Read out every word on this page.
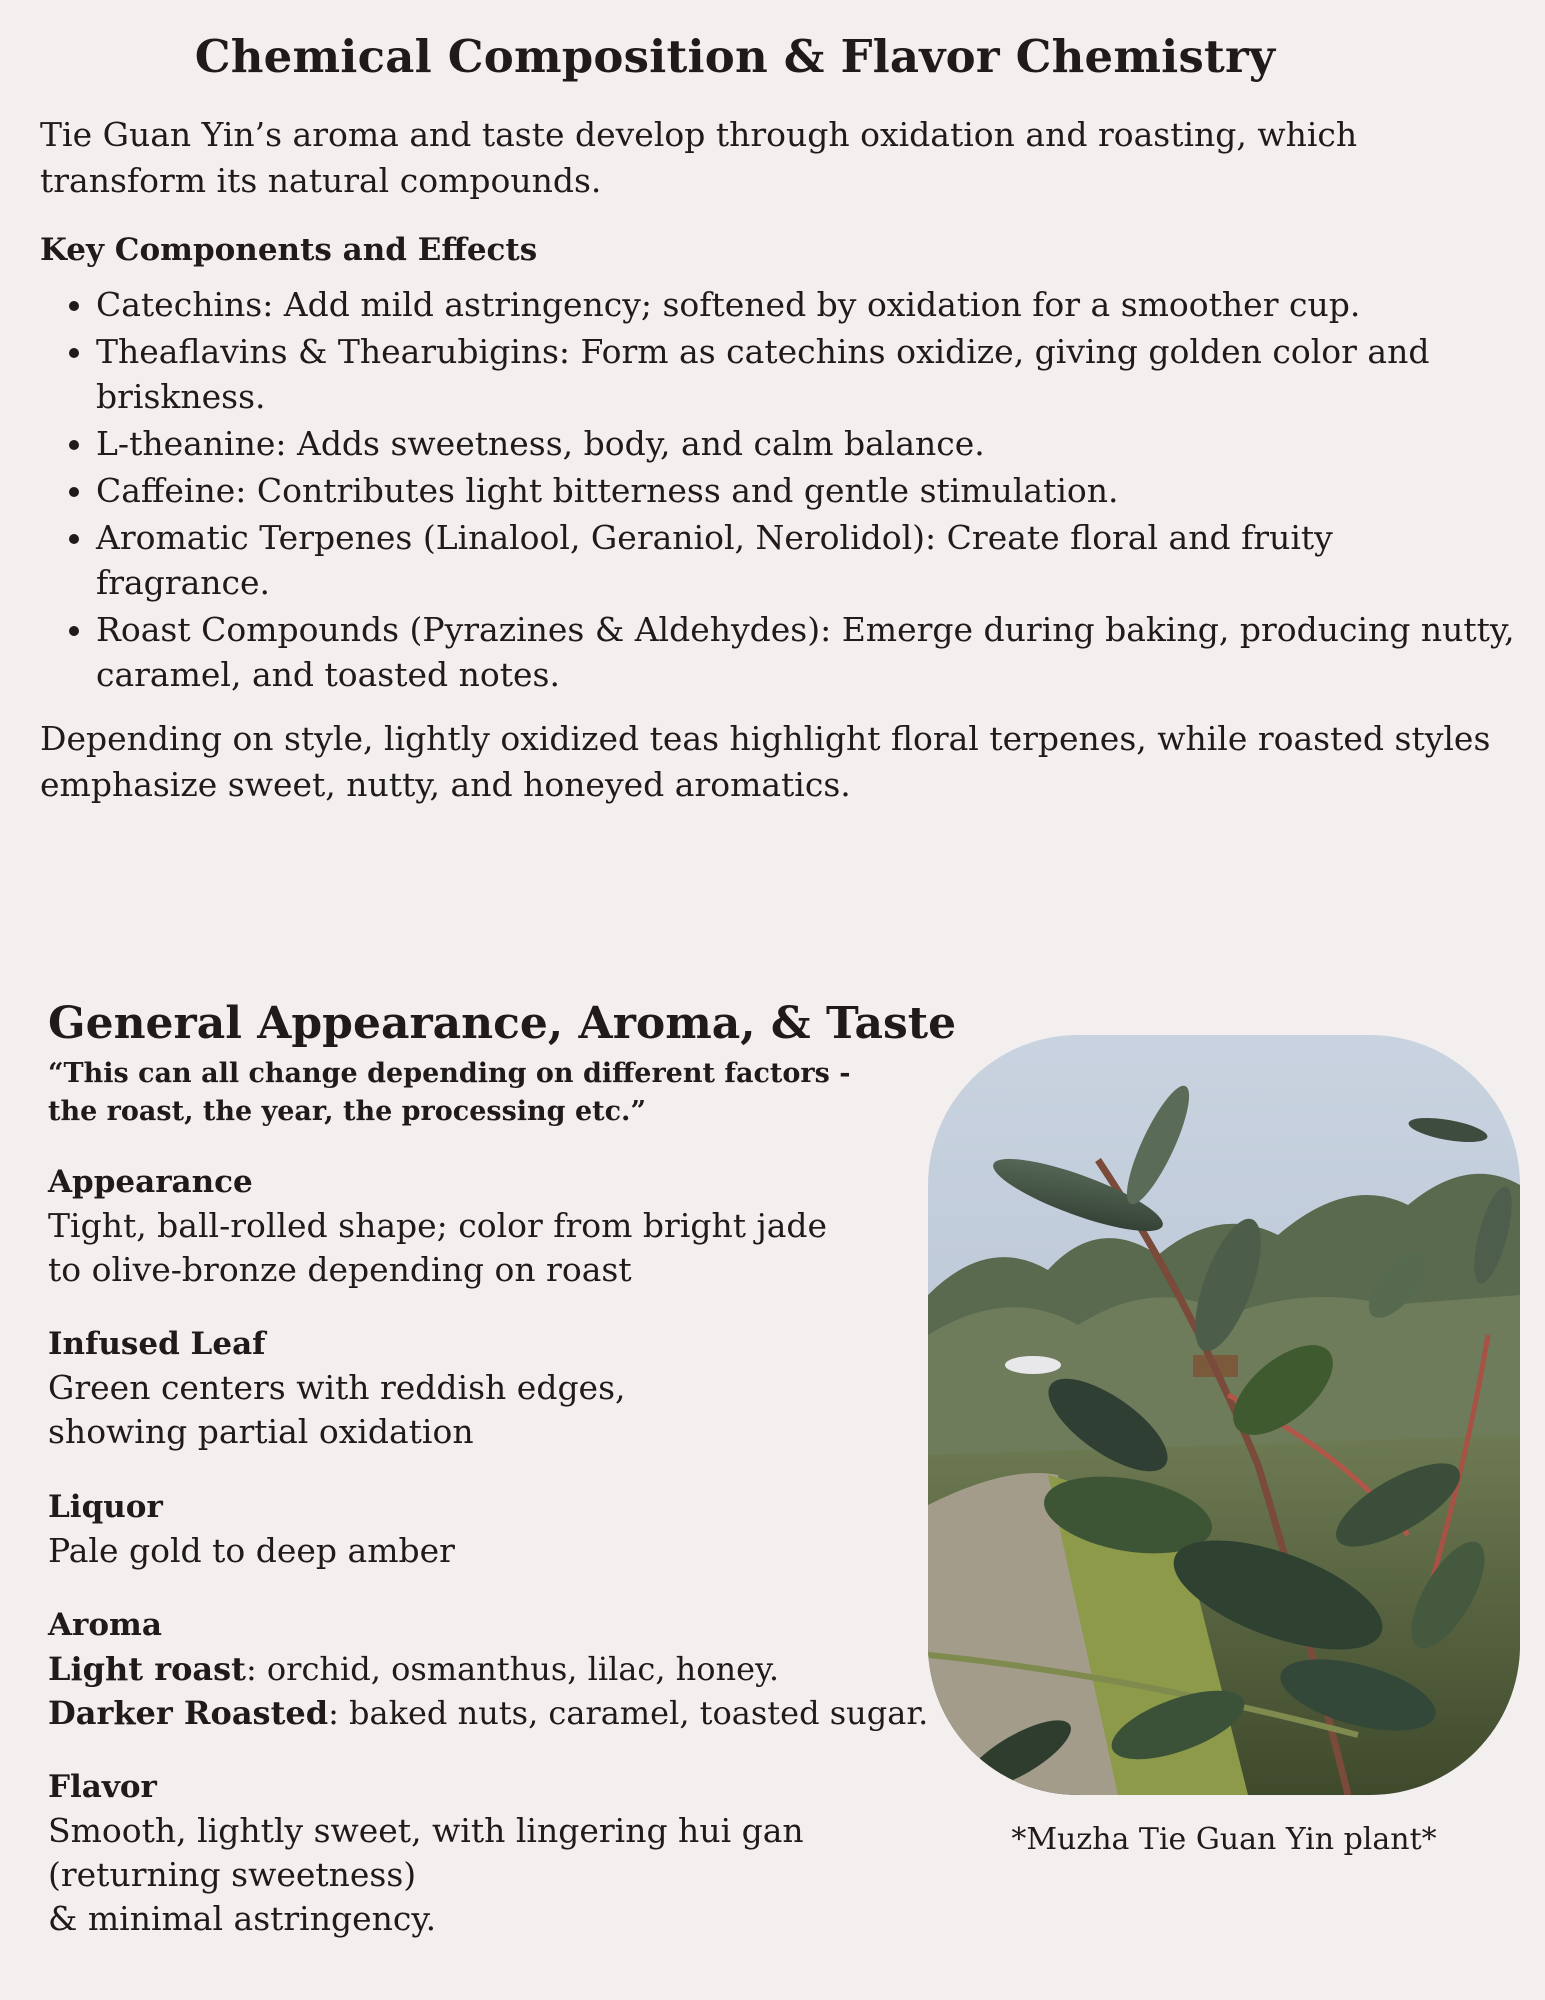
Chemical Composition & Flavor Chemistry

Tie Guan Yin’s aroma and taste develop through oxidation and roasting, which transform its natural compounds.

Key Components and Effects

• Catechins: Add mild astringency; softened by oxidation for a smoother cup.
• Theaflavins & Thearubigins: Form as catechins oxidize, giving golden color and briskness.
• L-theanine: Adds sweetness, body, and calm balance.
• Caffeine: Contributes light bitterness and gentle stimulation.
• Aromatic Terpenes (Linalool, Geraniol, Nerolidol): Create floral and fruity fragrance.
• Roast Compounds (Pyrazines & Aldehydes): Emerge during baking, producing nutty, caramel, and toasted notes.

Depending on style, lightly oxidized teas highlight floral terpenes, while roasted styles emphasize sweet, nutty, and honeyed aromatics.

General Appearance, Aroma, & Taste

“This can all change depending on different factors -
the roast, the year, the processing etc.”

Appearance
Tight, ball-rolled shape; color from bright jade
to olive-bronze depending on roast
Infused Leaf
Green centers with reddish edges,
showing partial oxidation
Liquor
Pale gold to deep amber
Aroma
Light roast: orchid, osmanthus, lilac, honey.
Darker Roasted: baked nuts, caramel, toasted sugar.
Flavor
Smooth, lightly sweet, with lingering hui gan
(returning sweetness)
& minimal astringency.

*Muzha Tie Guan Yin plant*
